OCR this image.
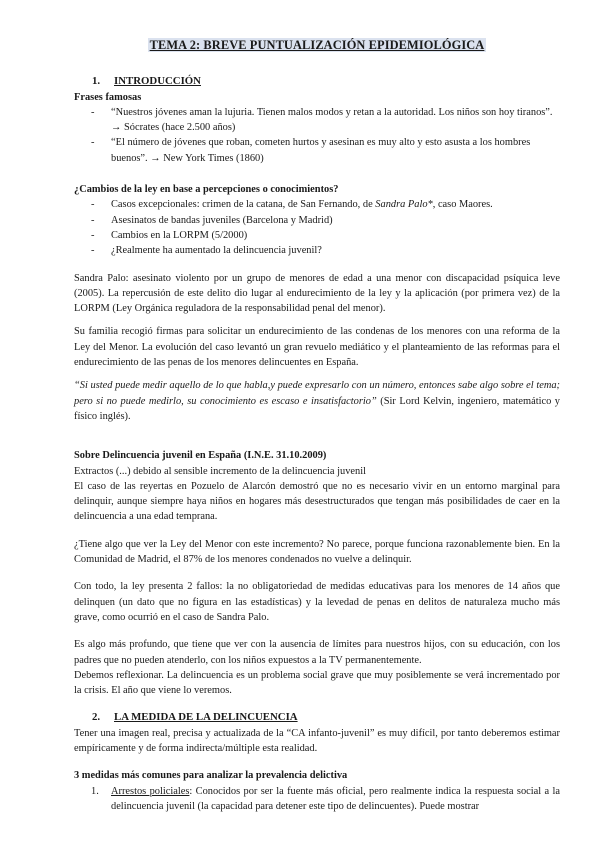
TEMA 2: BREVE PUNTUALIZACIÓN EPIDEMIOLÓGICA

1. INTRODUCCIÓN

Frases famosas

- “Nuestros jóvenes aman la lujuria. Tienen malos modos y retan a la autoridad. Los niños son hoy tiranos”. → Sócrates (hace 2.500 años)
- “El número de jóvenes que roban, cometen hurtos y asesinan es muy alto y esto asusta a los hombres buenos”. → New York Times (1860)

¿Cambios de la ley en base a percepciones o conocimientos?

- Casos excepcionales: crimen de la catana, de San Fernando, de Sandra Palo*, caso Maores.
- Asesinatos de bandas juveniles (Barcelona y Madrid)
- Cambios en la LORPM (5/2000)
- ¿Realmente ha aumentado la delincuencia juvenil?

Sandra Palo: asesinato violento por un grupo de menores de edad a una menor con discapacidad psíquica leve (2005). La repercusión de este delito dio lugar al endurecimiento de la ley y la aplicación (por primera vez) de la LORPM (Ley Orgánica reguladora de la responsabilidad penal del menor).

Su familia recogió firmas para solicitar un endurecimiento de las condenas de los menores con una reforma de la Ley del Menor. La evolución del caso levantó un gran revuelo mediático y el planteamiento de las reformas para el endurecimiento de las penas de los menores delincuentes en España.

“Si usted puede medir aquello de lo que habla,y puede expresarlo con un número, entonces sabe algo sobre el tema; pero si no puede medirlo, su conocimiento es escaso e insatisfactorio” (Sir Lord Kelvin, ingeniero, matemático y físico inglés).

Sobre Delincuencia juvenil en España (I.N.E. 31.10.2009)

Extractos (...) debido al sensible incremento de la delincuencia juvenil

El caso de las reyertas en Pozuelo de Alarcón demostró que no es necesario vivir en un entorno marginal para delinquir, aunque siempre haya niños en hogares más desestructurados que tengan más posibilidades de caer en la delincuencia a una edad temprana.

¿Tiene algo que ver la Ley del Menor con este incremento? No parece, porque funciona razonablemente bien. En la Comunidad de Madrid, el 87% de los menores condenados no vuelve a delinquir.

Con todo, la ley presenta 2 fallos: la no obligatoriedad de medidas educativas para los menores de 14 años que delinquen (un dato que no figura en las estadísticas) y la levedad de penas en delitos de naturaleza mucho más grave, como ocurrió en el caso de Sandra Palo.

Es algo más profundo, que tiene que ver con la ausencia de límites para nuestros hijos, con su educación, con los padres que no pueden atenderlo, con los niños expuestos a la TV permanentemente.

Debemos reflexionar. La delincuencia es un problema social grave que muy posiblemente se verá incrementado por la crisis. El año que viene lo veremos.

2. LA MEDIDA DE LA DELINCUENCIA

Tener una imagen real, precisa y actualizada de la “CA infanto-juvenil” es muy difícil, por tanto deberemos estimar empíricamente y de forma indirecta/múltiple esta realidad.

3 medidas más comunes para analizar la prevalencia delictiva

1. Arrestos policiales: Conocidos por ser la fuente más oficial, pero realmente indica la respuesta social a la delincuencia juvenil (la capacidad para detener este tipo de delincuentes). Puede mostrar
